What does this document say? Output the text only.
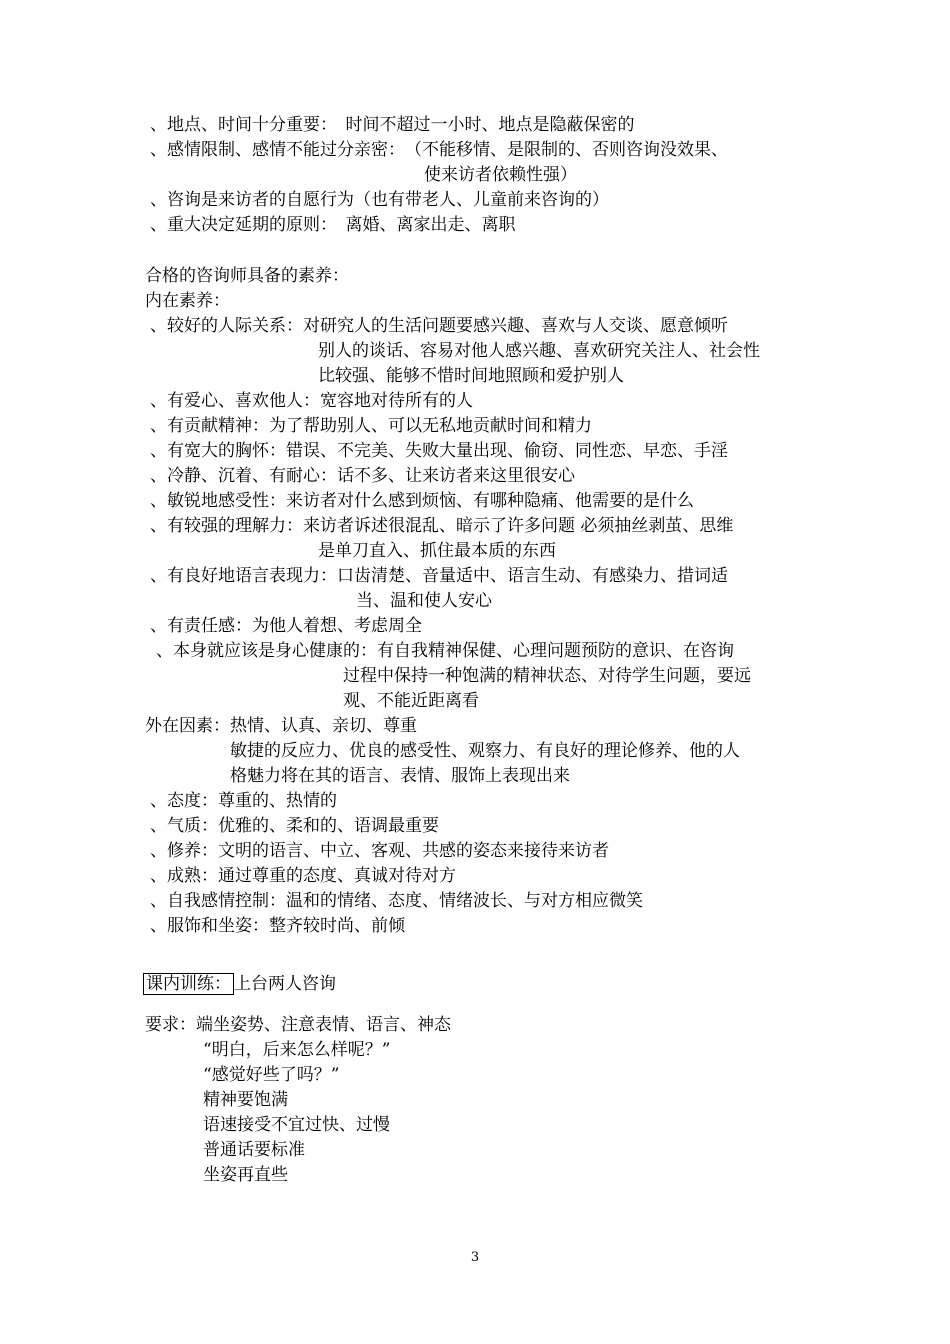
、地点、时间十分重要：　时间不超过一小时、地点是隐蔽保密的
、感情限制、感情不能过分亲密：　（不能移情、是限制的、否则咨询没效果、
使来访者依赖性强）
、咨询是来访者的自愿行为（也有带老人、儿童前来咨询的）
、重大决定延期的原则：　离婚、离家出走、离职
合格的咨询师具备的素养：
内在素养：
、较好的人际关系：对研究人的生活问题要感兴趣、喜欢与人交谈、愿意倾听
别人的谈话、容易对他人感兴趣、喜欢研究关注人、社会性
比较强、能够不惜时间地照顾和爱护别人
、有爱心、喜欢他人：宽容地对待所有的人
、有贡献精神：为了帮助别人、可以无私地贡献时间和精力
、有宽大的胸怀：错误、不完美、失败大量出现、偷窃、同性恋、早恋、手淫
、冷静、沉着、有耐心：话不多、让来访者来这里很安心
、敏锐地感受性：来访者对什么感到烦恼、有哪种隐痛、他需要的是什么
、有较强的理解力：来访者诉述很混乱、暗示了许多问题 必须抽丝剥茧、思维
是单刀直入、抓住最本质的东西
、有良好地语言表现力：口齿清楚、音量适中、语言生动、有感染力、措词适
当、温和使人安心
、有责任感：为他人着想、考虑周全
、本身就应该是身心健康的：有自我精神保健、心理问题预防的意识、在咨询
过程中保持一种饱满的精神状态、对待学生问题，要远
观、不能近距离看
外在因素：热情、认真、亲切、尊重
敏捷的反应力、优良的感受性、观察力、有良好的理论修养、他的人
格魅力将在其的语言、表情、服饰上表现出来
、态度：尊重的、热情的
、气质：优雅的、柔和的、语调最重要
、修养：文明的语言、中立、客观、共感的姿态来接待来访者
、成熟：通过尊重的态度、真诚对待对方
、自我感情控制：温和的情绪、态度、情绪波长、与对方相应微笑
、服饰和坐姿：整齐较时尚、前倾
课内训练： 上台两人咨询
要求：端坐姿势、注意表情、语言、神态
“明白，后来怎么样呢？”
“感觉好些了吗？”
精神要饱满
语速接受不宜过快、过慢
普通话要标准
坐姿再直些
3
